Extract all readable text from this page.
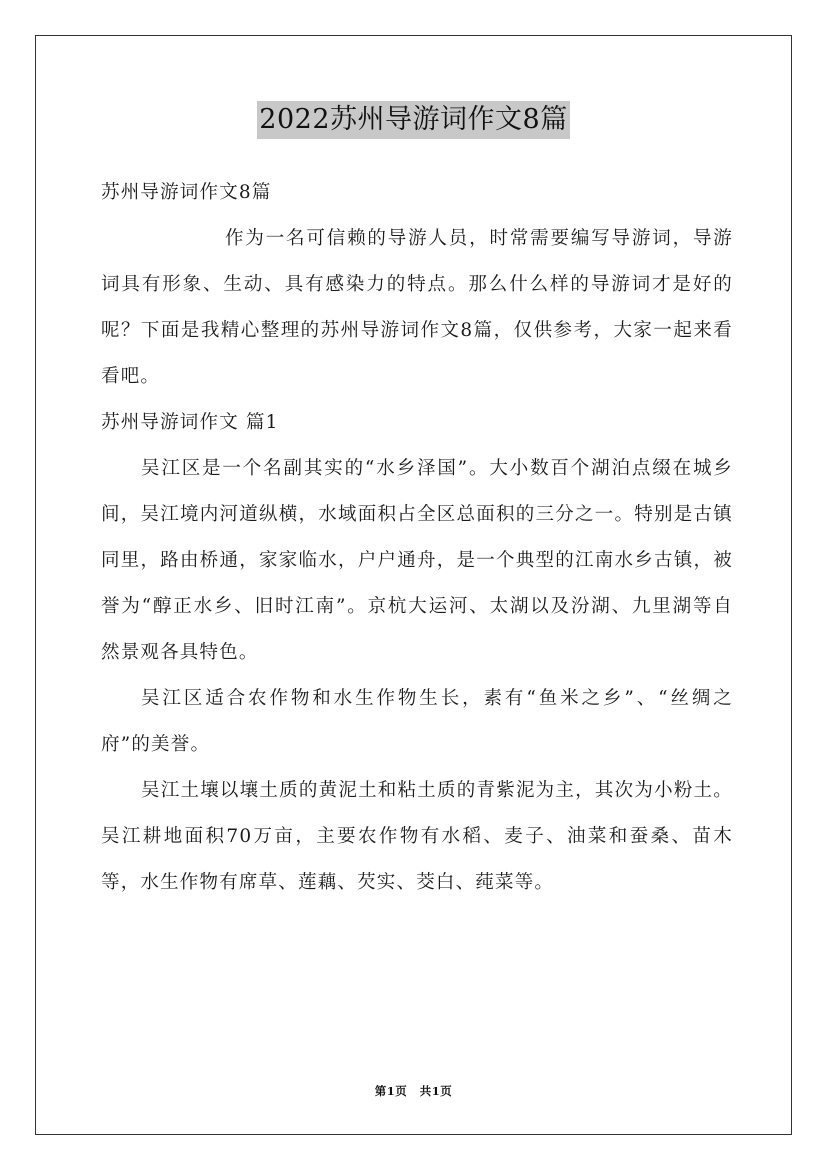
2022苏州导游词作文8篇

苏州导游词作文8篇

作为一名可信赖的导游人员，时常需要编写导游词，导游词具有形象、生动、具有感染力的特点。那么什么样的导游词才是好的呢？下面是我精心整理的苏州导游词作文8篇，仅供参考，大家一起来看看吧。

苏州导游词作文 篇1

吴江区是一个名副其实的“水乡泽国”。大小数百个湖泊点缀在城乡间，吴江境内河道纵横，水域面积占全区总面积的三分之一。特别是古镇同里，路由桥通，家家临水，户户通舟，是一个典型的江南水乡古镇，被誉为“醇正水乡、旧时江南”。京杭大运河、太湖以及汾湖、九里湖等自然景观各具特色。

吴江区适合农作物和水生作物生长，素有“鱼米之乡”、“丝绸之府”的美誉。

吴江土壤以壤土质的黄泥土和粘土质的青紫泥为主，其次为小粉土。吴江耕地面积70万亩，主要农作物有水稻、麦子、油菜和蚕桑、苗木等，水生作物有席草、莲藕、芡实、茭白、莼菜等。

第1页 共1页
